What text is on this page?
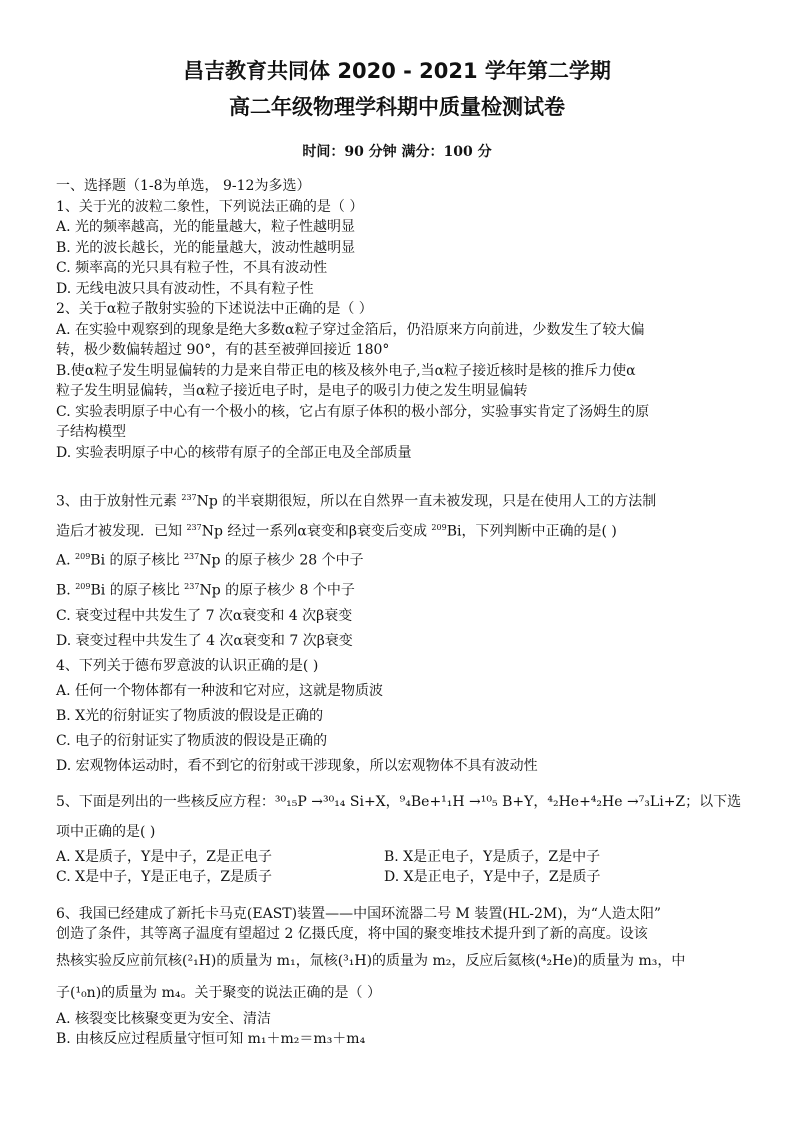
昌吉教育共同体 2020 - 2021 学年第二学期
高二年级物理学科期中质量检测试卷
时间：90 分钟 满分：100 分
一、选择题（1-8为单选， 9-12为多选）
1、关于光的波粒二象性，下列说法正确的是（ ）
A. 光的频率越高，光的能量越大，粒子性越明显
B. 光的波长越长，光的能量越大，波动性越明显
C. 频率高的光只具有粒子性，不具有波动性
D. 无线电波只具有波动性，不具有粒子性
2、关于α粒子散射实验的下述说法中正确的是（ ）
A. 在实验中观察到的现象是绝大多数α粒子穿过金箔后，仍沿原来方向前进，少数发生了较大偏
转，极少数偏转超过 90°，有的甚至被弹回接近 180°
B.使α粒子发生明显偏转的力是来自带正电的核及核外电子,当α粒子接近核时是核的推斥力使α
粒子发生明显偏转，当α粒子接近电子时，是电子的吸引力使之发生明显偏转
C. 实验表明原子中心有一个极小的核，它占有原子体积的极小部分，实验事实肯定了汤姆生的原
子结构模型
D. 实验表明原子中心的核带有原子的全部正电及全部质量
3、由于放射性元素 $^{237}$Np 的半衰期很短，所以在自然界一直未被发现，只是在使用人工的方法制
造后才被发现．已知 $^{237}$Np 经过一系列α衰变和β衰变后变成 $^{209}$Bi，下列判断中正确的是( )
A. $^{209}$Bi 的原子核比 $^{237}$Np 的原子核少 28 个中子
B. $^{209}$Bi 的原子核比 $^{237}$Np 的原子核少 8 个中子
C. 衰变过程中共发生了 7 次α衰变和 4 次β衰变
D. 衰变过程中共发生了 4 次α衰变和 7 次β衰变
4、下列关于德布罗意波的认识正确的是( )
A. 任何一个物体都有一种波和它对应，这就是物质波
B. X光的衍射证实了物质波的假设是正确的
C. 电子的衍射证实了物质波的假设是正确的
D. 宏观物体运动时，看不到它的衍射或干涉现象，所以宏观物体不具有波动性
5、下面是列出的一些核反应方程：³⁰₁₅P →³⁰₁₄ Si+X，⁹₄Be+¹₁H →¹⁰₅ B+Y，⁴₂He+⁴₂He →⁷₃Li+Z；以下选
项中正确的是( )
A. X是质子，Y是中子，Z是正电子	B. X是正电子，Y是质子，Z是中子
C. X是中子，Y是正电子，Z是质子	D. X是正电子，Y是中子，Z是质子
6、我国已经建成了新托卡马克(EAST)装置——中国环流器二号 M 装置(HL-2M)，为“人造太阳”
创造了条件，其等离子温度有望超过 2 亿摄氏度，将中国的聚变堆技术提升到了新的高度。设该
热核实验反应前氘核(²₁H)的质量为 m₁，氚核(³₁H)的质量为 m₂，反应后氦核(⁴₂He)的质量为 m₃，中
子(¹₀n)的质量为 m₄。关于聚变的说法正确的是（ ）
A. 核裂变比核聚变更为安全、清洁
B. 由核反应过程质量守恒可知 m₁＋m₂＝m₃＋m₄
